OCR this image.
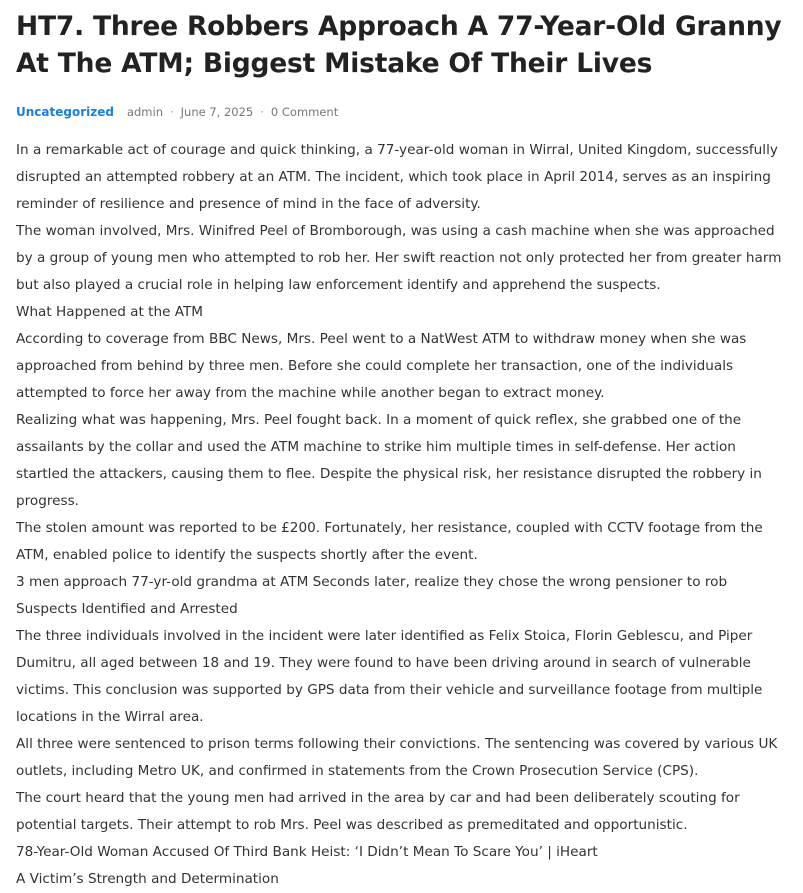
HT7. Three Robbers Approach A 77-Year-Old Granny At The ATM; Biggest Mistake Of Their Lives
Uncategorized admin · June 7, 2025 · 0 Comment

In a remarkable act of courage and quick thinking, a 77-year-old woman in Wirral, United Kingdom, successfully disrupted an attempted robbery at an ATM. The incident, which took place in April 2014, serves as an inspiring reminder of resilience and presence of mind in the face of adversity.

The woman involved, Mrs. Winifred Peel of Bromborough, was using a cash machine when she was approached by a group of young men who attempted to rob her. Her swift reaction not only protected her from greater harm but also played a crucial role in helping law enforcement identify and apprehend the suspects.

What Happened at the ATM

According to coverage from BBC News, Mrs. Peel went to a NatWest ATM to withdraw money when she was approached from behind by three men. Before she could complete her transaction, one of the individuals attempted to force her away from the machine while another began to extract money.

Realizing what was happening, Mrs. Peel fought back. In a moment of quick reflex, she grabbed one of the assailants by the collar and used the ATM machine to strike him multiple times in self-defense. Her action startled the attackers, causing them to flee. Despite the physical risk, her resistance disrupted the robbery in progress.

The stolen amount was reported to be £200. Fortunately, her resistance, coupled with CCTV footage from the ATM, enabled police to identify the suspects shortly after the event.

3 men approach 77-yr-old grandma at ATM Seconds later, realize they chose the wrong pensioner to rob

Suspects Identified and Arrested

The three individuals involved in the incident were later identified as Felix Stoica, Florin Geblescu, and Piper Dumitru, all aged between 18 and 19. They were found to have been driving around in search of vulnerable victims. This conclusion was supported by GPS data from their vehicle and surveillance footage from multiple locations in the Wirral area.

All three were sentenced to prison terms following their convictions. The sentencing was covered by various UK outlets, including Metro UK, and confirmed in statements from the Crown Prosecution Service (CPS).

The court heard that the young men had arrived in the area by car and had been deliberately scouting for potential targets. Their attempt to rob Mrs. Peel was described as premeditated and opportunistic.

78-Year-Old Woman Accused Of Third Bank Heist: ‘I Didn’t Mean To Scare You’ | iHeart

A Victim’s Strength and Determination
